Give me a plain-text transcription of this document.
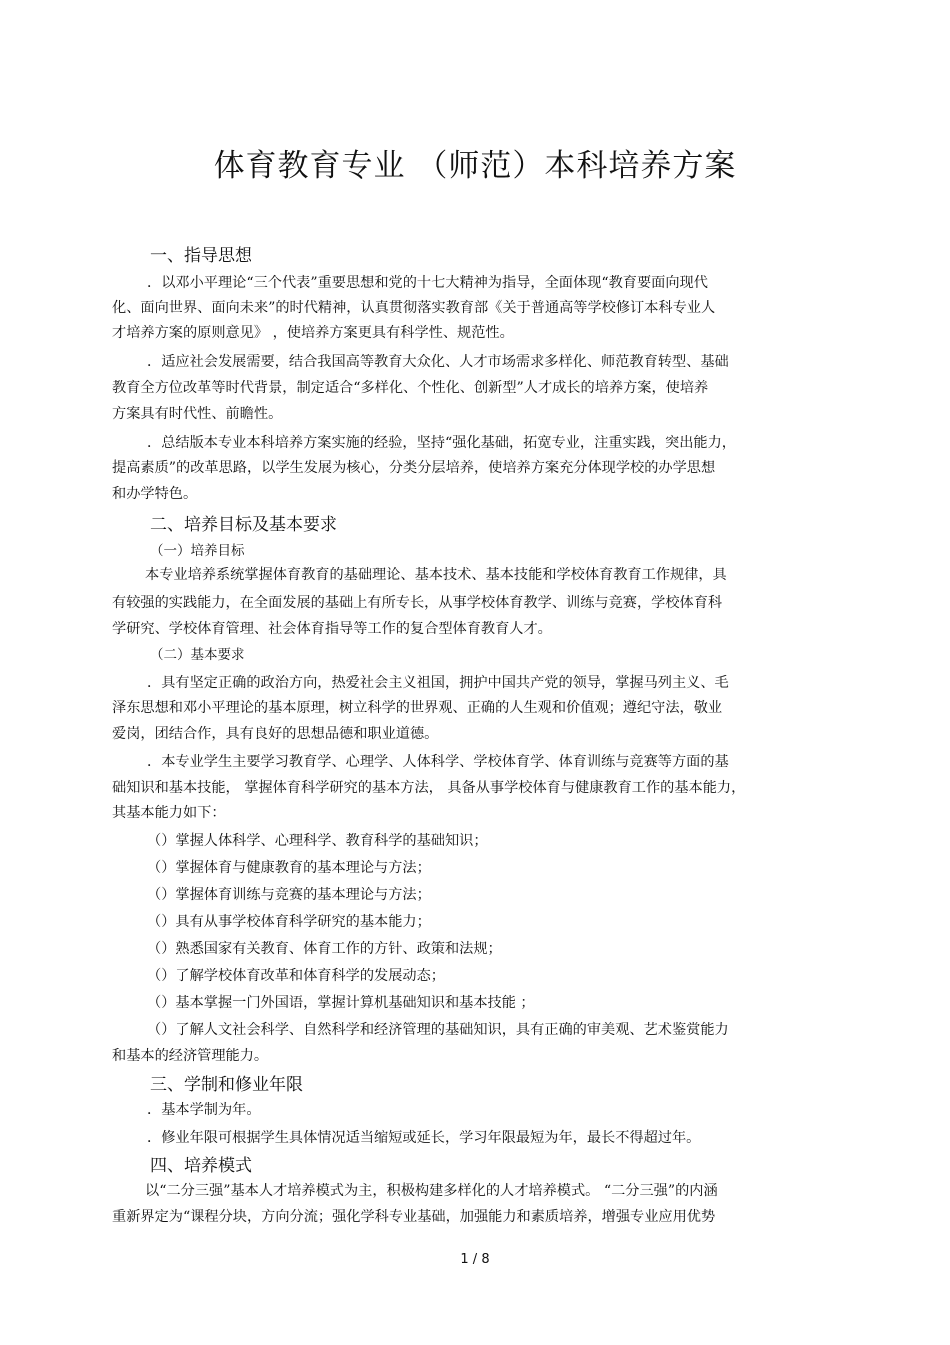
体育教育专业 （师范）本科培养方案
一、指导思想
．以邓小平理论“三个代表”重要思想和党的十七大精神为指导，全面体现“教育要面向现代
化、面向世界、面向未来”的时代精神，认真贯彻落实教育部《关于普通高等学校修订本科专业人
才培养方案的原则意见》 ，使培养方案更具有科学性、规范性。
．适应社会发展需要，结合我国高等教育大众化、人才市场需求多样化、师范教育转型、基础
教育全方位改革等时代背景，制定适合“多样化、个性化、创新型”人才成长的培养方案，使培养
方案具有时代性、前瞻性。
．总结版本专业本科培养方案实施的经验，坚持“强化基础，拓宽专业，注重实践，突出能力，
提高素质”的改革思路，以学生发展为核心，分类分层培养，使培养方案充分体现学校的办学思想
和办学特色。
二、培养目标及基本要求
（一）培养目标
本专业培养系统掌握体育教育的基础理论、基本技术、基本技能和学校体育教育工作规律，具
有较强的实践能力，在全面发展的基础上有所专长，从事学校体育教学、训练与竞赛，学校体育科
学研究、学校体育管理、社会体育指导等工作的复合型体育教育人才。
（二）基本要求
．具有坚定正确的政治方向，热爱社会主义祖国，拥护中国共产党的领导，掌握马列主义、毛
泽东思想和邓小平理论的基本原理，树立科学的世界观、正确的人生观和价值观；遵纪守法，敬业
爱岗，团结合作，具有良好的思想品德和职业道德。
．本专业学生主要学习教育学、心理学、人体科学、学校体育学、体育训练与竞赛等方面的基
础知识和基本技能， 掌握体育科学研究的基本方法， 具备从事学校体育与健康教育工作的基本能力，
其基本能力如下：
（）掌握人体科学、心理科学、教育科学的基础知识；
（）掌握体育与健康教育的基本理论与方法；
（）掌握体育训练与竞赛的基本理论与方法；
（）具有从事学校体育科学研究的基本能力；
（）熟悉国家有关教育、体育工作的方针、政策和法规；
（）了解学校体育改革和体育科学的发展动态；
（）基本掌握一门外国语，掌握计算机基础知识和基本技能 ；
（）了解人文社会科学、自然科学和经济管理的基础知识，具有正确的审美观、艺术鉴赏能力
和基本的经济管理能力。
三、学制和修业年限
．基本学制为年。
．修业年限可根据学生具体情况适当缩短或延长，学习年限最短为年，最长不得超过年。
四、培养模式
以“二分三强”基本人才培养模式为主，积极构建多样化的人才培养模式。 “二分三强”的内涵
重新界定为“课程分块，方向分流；强化学科专业基础，加强能力和素质培养，增强专业应用优势
1 / 8
